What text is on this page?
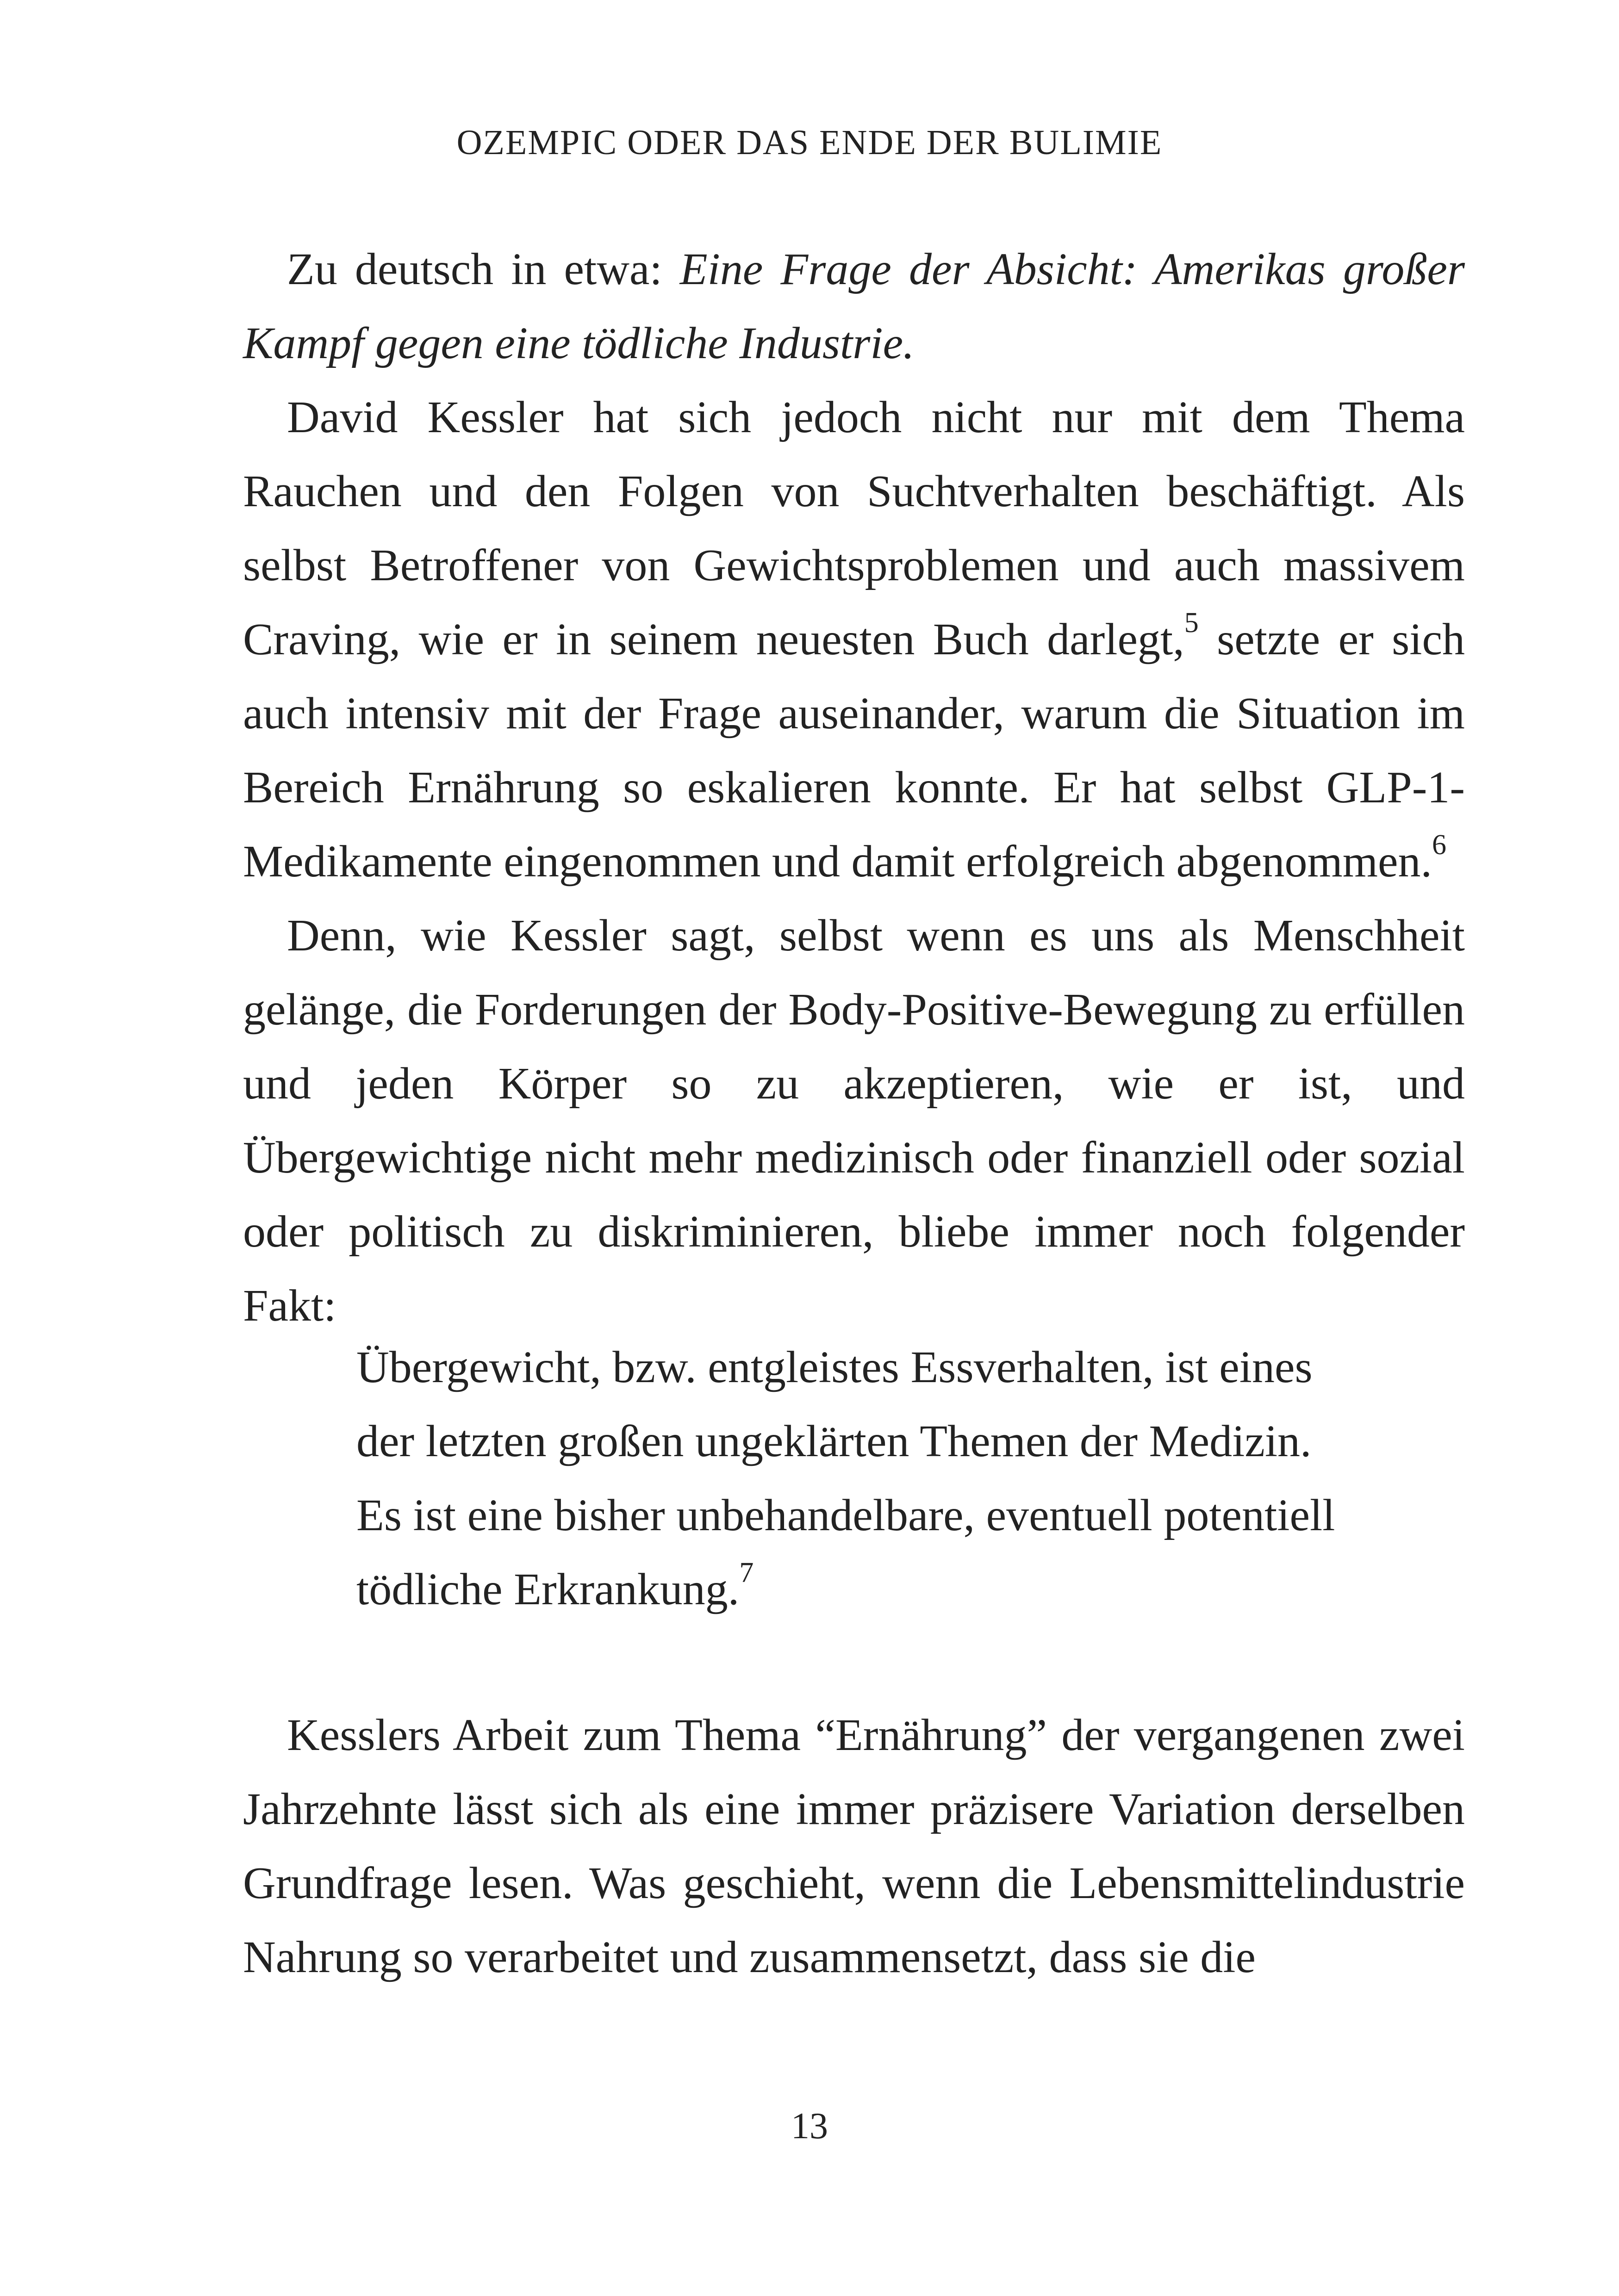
OZEMPIC ODER DAS ENDE DER BULIMIE

Zu deutsch in etwa: Eine Frage der Absicht: Amerikas großer Kampf gegen eine tödliche Industrie.

David Kessler hat sich jedoch nicht nur mit dem Thema Rauchen und den Folgen von Suchtverhalten beschäftigt. Als selbst Betroffener von Gewichtsproblemen und auch massivem Craving, wie er in seinem neuesten Buch darlegt,$^5$ setzte er sich auch intensiv mit der Frage auseinander, warum die Situation im Bereich Ernährung so eskalieren konnte. Er hat selbst GLP-1-Medikamente eingenommen und damit erfolgreich abgenommen.$^6$

Denn, wie Kessler sagt, selbst wenn es uns als Menschheit gelänge, die Forderungen der Body-Positive-Bewegung zu erfüllen und jeden Körper so zu akzeptieren, wie er ist, und Übergewichtige nicht mehr medizinisch oder finanziell oder sozial oder politisch zu diskriminieren, bliebe immer noch folgender Fakt:

Übergewicht, bzw. entgleistes Essverhalten, ist eines der letzten großen ungeklärten Themen der Medizin. Es ist eine bisher unbehandelbare, eventuell potentiell tödliche Erkrankung.$^7$

Kesslers Arbeit zum Thema “Ernährung” der vergangenen zwei Jahrzehnte lässt sich als eine immer präzisere Variation derselben Grundfrage lesen. Was geschieht, wenn die Lebensmittelindustrie Nahrung so verarbeitet und zusammensetzt, dass sie die

13
